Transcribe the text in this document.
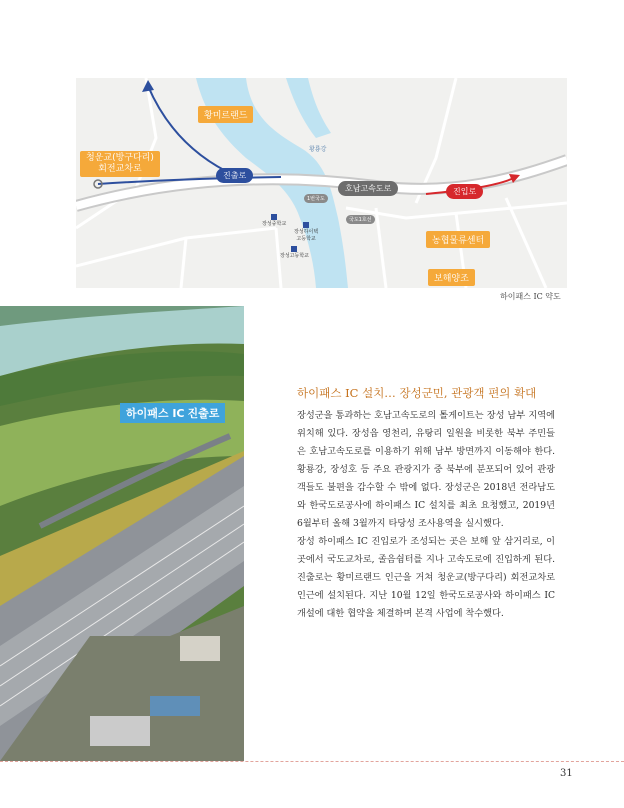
황미르랜드
청운교(방구다리)
회전교차로
황룡강
진출로
호남고속도로	진입로
1번국도
국도1호선
농협물류센터
보해양조
장성중학교
장성하이텍
고등학교
장성고등학교
하이패스 IC 약도
하이패스 IC 진출로
하이패스 IC 설치… 장성군민, 관광객 편의 확대

장성군을 통과하는 호남고속도로의 톨게이트는 장성 남부 지역에 위치해 있다. 장성읍 영천리, 유탕리 일원을 비롯한 북부 주민들은 호남고속도로를 이용하기 위해 남부 방면까지 이동해야 한다. 황룡강, 장성호 등 주요 관광지가 중 북부에 분포되어 있어 관광객들도 불편을 감수할 수 밖에 없다. 장성군은 2018년 전라남도와 한국도로공사에 하이패스 IC 설치를 최초 요청했고, 2019년 6월부터 올해 3월까지 타당성 조사용역을 실시했다.

장성 하이패스 IC 진입로가 조성되는 곳은 보해 앞 삼거리로, 이곳에서 국도교차로, 졸음쉼터를 지나 고속도로에 진입하게 된다. 진출로는 황미르랜드 인근을 거쳐 청운교(방구다리) 회전교차로 인근에 설치된다. 지난 10월 12일 한국도로공사와 하이패스 IC 개설에 대한 협약을 체결하며 본격 사업에 착수했다.

31
